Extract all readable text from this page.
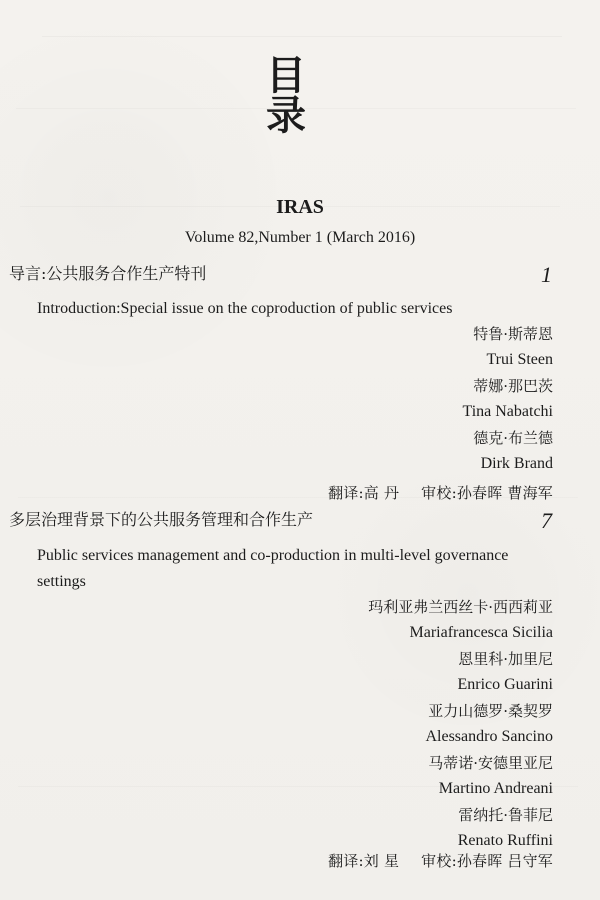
目 录
IRAS
Volume 82,Number 1 (March 2016)
导言:公共服务合作生产特刊	1
Introduction:Special issue on the coproduction of public services
特鲁·斯蒂恩
Trui Steen
蒂娜·那巴茨
Tina Nabatchi
德克·布兰德
Dirk Brand
翻译:高 丹 审校:孙春晖 曹海军
多层治理背景下的公共服务管理和合作生产	7
Public services management and co-production in multi-level governance settings
玛利亚弗兰西丝卡·西西莉亚
Mariafrancesca Sicilia
恩里科·加里尼
Enrico Guarini
亚力山德罗·桑契罗
Alessandro Sancino
马蒂诺·安德里亚尼
Martino Andreani
雷纳托·鲁菲尼
Renato Ruffini
翻译:刘 星 审校:孙春晖 吕守军
